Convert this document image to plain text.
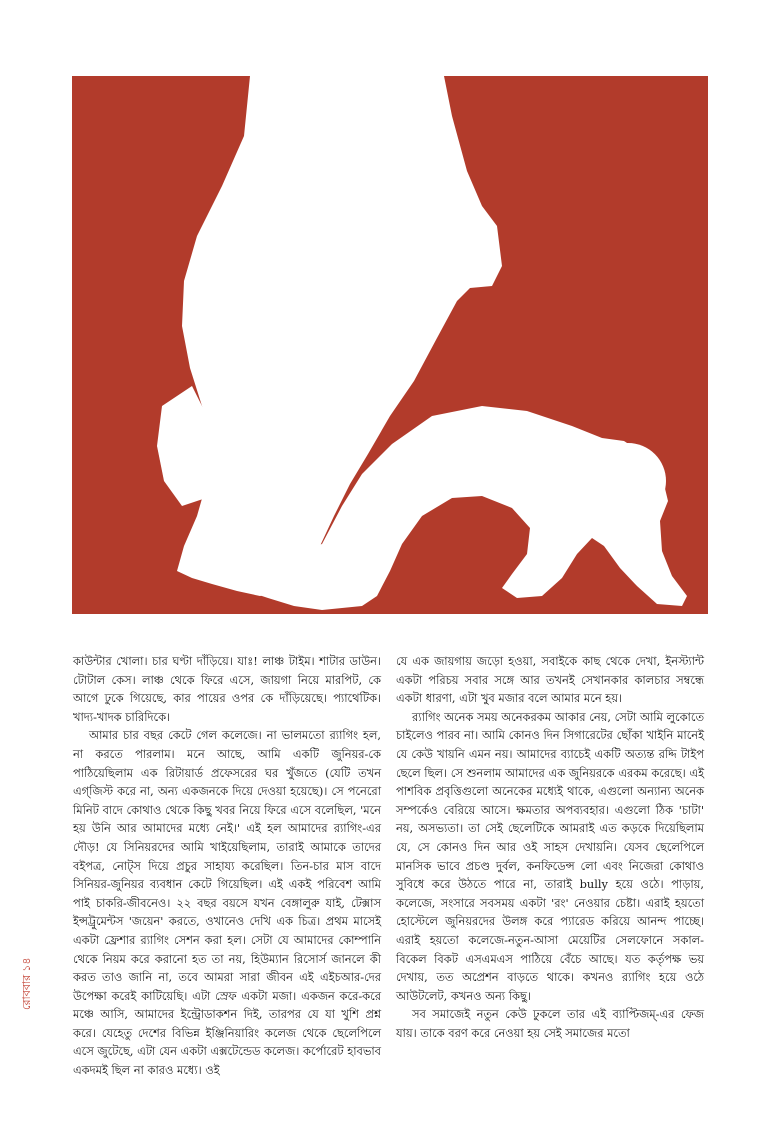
কাউন্টার খোলা। চার ঘণ্টা দাঁড়িয়ে। যাঃ! লাঞ্চ টাইম। শাটার ডাউন। টোটাল কেস। লাঞ্চ থেকে ফিরে এসে, জায়গা নিয়ে মারপিট, কে আগে ঢুকে গিয়েছে, কার পায়ের ওপর কে দাঁড়িয়েছে। প্যাথেটিক। খাদ্য-খাদক চারিদিকে।

আমার চার বছর কেটে গেল কলেজে। না ভালমতো র‍্যাগিং হল, না করতে পারলাম। মনে আছে, আমি একটি জুনিয়র-কে পাঠিয়েছিলাম এক রিটায়ার্ড প্রফেসরের ঘর খুঁজতে (যেটি তখন এগ্‌জিস্ট করে না, অন্য একজনকে দিয়ে দেওয়া হয়েছে)। সে পনেরো মিনিট বাদে কোথাও থেকে কিছু খবর নিয়ে ফিরে এসে বলেছিল, 'মনে হয় উনি আর আমাদের মধ্যে নেই।' এই হল আমাদের র‍্যাগিং-এর দৌড়! যে সিনিয়রদের আমি খাইয়েছিলাম, তারাই আমাকে তাদের বইপত্র, নোট্‌স দিয়ে প্রচুর সাহায্য করেছিল। তিন-চার মাস বাদে সিনিয়র-জুনিয়র ব্যবধান কেটে গিয়েছিল। এই একই পরিবেশ আমি পাই চাকরি-জীবনেও। ২২ বছর বয়সে যখন বেঙ্গালুরু যাই, টেক্সাস ইন্সট্রুমেন্টস 'জয়েন' করতে, ওখানেও দেখি এক চিত্র। প্রথম মাসেই একটা ফ্রেশার র‍্যাগিং সেশন করা হল। সেটা যে আমাদের কোম্পানি থেকে নিয়ম করে করানো হত তা নয়, হিউম্যান রিসোর্স জানলে কী করত তাও জানি না, তবে আমরা সারা জীবন এই এইচআর-দের উপেক্ষা করেই কাটিয়েছি। এটা স্রেফ একটা মজা। একজন করে-করে মঞ্চে আসি, আমাদের ইন্ট্রোডাকশন দিই, তারপর যে যা খুশি প্রশ্ন করে। যেহেতু দেশের বিভিন্ন ইঞ্জিনিয়ারিং কলেজ থেকে ছেলেপিলে এসে জুটেছে, এটা যেন একটা এক্সটেন্ডেড কলেজ। কর্পোরেট হাবভাব একদমই ছিল না কারও মধ্যে। ওই

যে এক জায়গায় জড়ো হওয়া, সবাইকে কাছ থেকে দেখা, ইনস্ট্যান্ট একটা পরিচয় সবার সঙ্গে আর তখনই সেখানকার কালচার সম্বন্ধে একটা ধারণা, এটা খুব মজার বলে আমার মনে হয়।

র‍্যাগিং অনেক সময় অনেকরকম আকার নেয়, সেটা আমি লুকোতে চাইলেও পারব না। আমি কোনও দিন সিগারেটের ছোঁকা খাইনি মানেই যে কেউ খায়নি এমন নয়। আমাদের ব্যাচেই একটি অত্যন্ত রদ্দি টাইপ ছেলে ছিল। সে শুনলাম আমাদের এক জুনিয়রকে এরকম করেছে। এই পাশবিক প্রবৃত্তিগুলো অনেকের মধ্যেই থাকে, এগুলো অন্যান্য অনেক সম্পর্কেও বেরিয়ে আসে। ক্ষমতার অপব্যবহার। এগুলো ঠিক 'চাটা' নয়, অসভ্যতা। তা সেই ছেলেটিকে আমরাই এত কড়কে দিয়েছিলাম যে, সে কোনও দিন আর ওই সাহস দেখায়নি। যেসব ছেলেপিলে মানসিক ভাবে প্রচণ্ড দুর্বল, কনফিডেন্স লো এবং নিজেরা কোথাও সুবিধে করে উঠতে পারে না, তারাই bully হয়ে ওঠে। পাড়ায়, কলেজে, সংসারে সবসময় একটা 'রং' নেওয়ার চেষ্টা। এরাই হয়তো হোস্টেলে জুনিয়রদের উলঙ্গ করে প্যারেড করিয়ে আনন্দ পাচ্ছে। এরাই হয়তো কলেজে-নতুন-আসা মেয়েটির সেলফোনে সকাল-বিকেল বিকট এসএমএস পাঠিয়ে বেঁচে আছে। যত কর্তৃপক্ষ ভয় দেখায়, তত অপ্রেশন বাড়তে থাকে। কখনও র‍্যাগিং হয়ে ওঠে আউটলেট, কখনও অন্য কিছু।

সব সমাজেই নতুন কেউ ঢুকলে তার এই ব্যাপ্টিজম্‌-এর ফেজ যায়। তাকে বরণ করে নেওয়া হয় সেই সমাজের মতো

রোববার১৪
